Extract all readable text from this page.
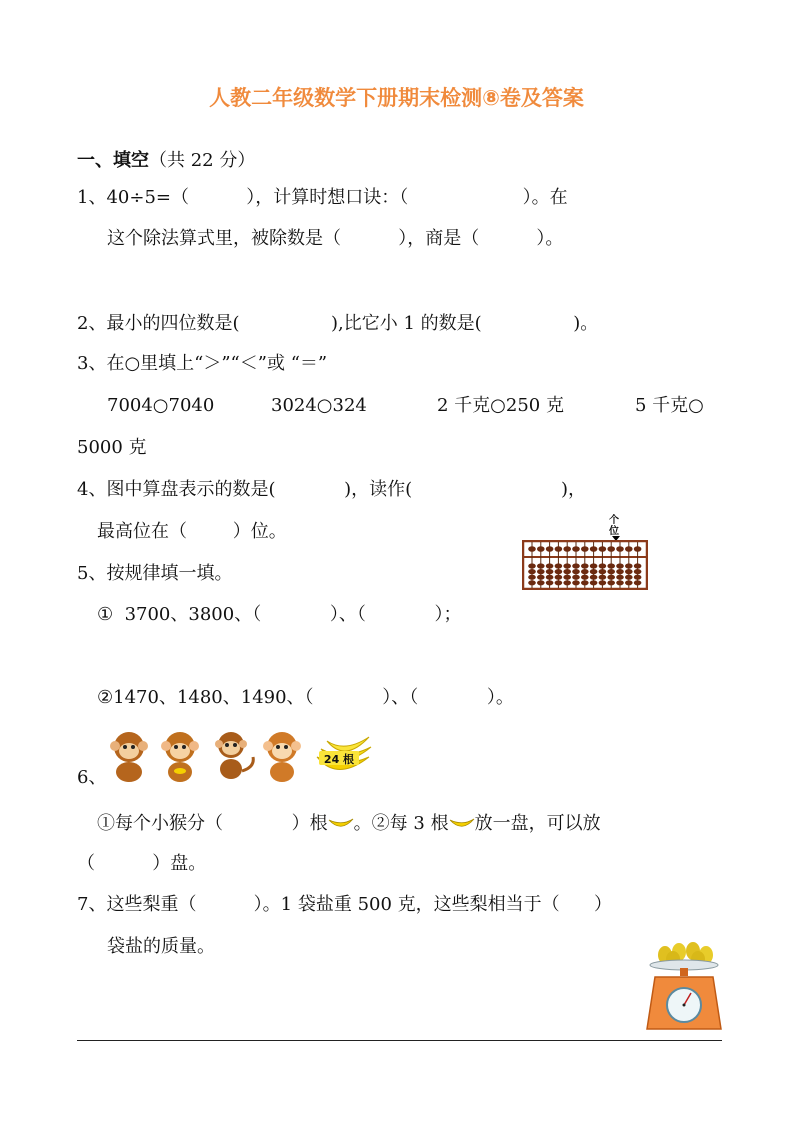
人教二年级数学下册期末检测⑧卷及答案
一、填空（共 22 分）
1、40÷5=（          ），计算时想口诀：（                    ）。在
这个除法算式里，被除数是（          ），商是（          ）。
2、最小的四位数是(                ),比它小 1 的数是(                )。
3、在○里填上“＞”“＜”或 “＝”
7004○7040	3024○324	2 千克○250 克	5 千克○
5000 克
4、图中算盘表示的数是(            )，读作(                          )，
最高位在（        ）位。
个位
5、按规律填一填。
①  3700、3800、（            ）、（            ）；
②1470、1480、1490、（            ）、（            ）。
24 根
6、
①每个小猴分（            ）根 。②每 3 根 放一盘，可以放
（          ）盘。
7、这些梨重（          ）。1 袋盐重 500 克，这些梨相当于（      ）
袋盐的质量。
